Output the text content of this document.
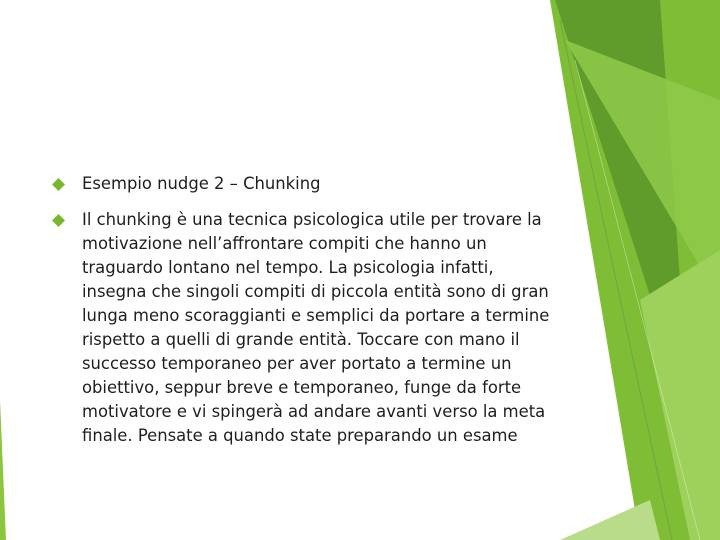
Esempio nudge 2 – Chunking
Il chunking è una tecnica psicologica utile per trovare la motivazione nell’affrontare compiti che hanno un traguardo lontano nel tempo. La psicologia infatti, insegna che singoli compiti di piccola entità sono di gran lunga meno scoraggianti e semplici da portare a termine rispetto a quelli di grande entità. Toccare con mano il successo temporaneo per aver portato a termine un obiettivo, seppur breve e temporaneo, funge da forte motivatore e vi spingerà ad andare avanti verso la meta finale. Pensate a quando state preparando un esame
